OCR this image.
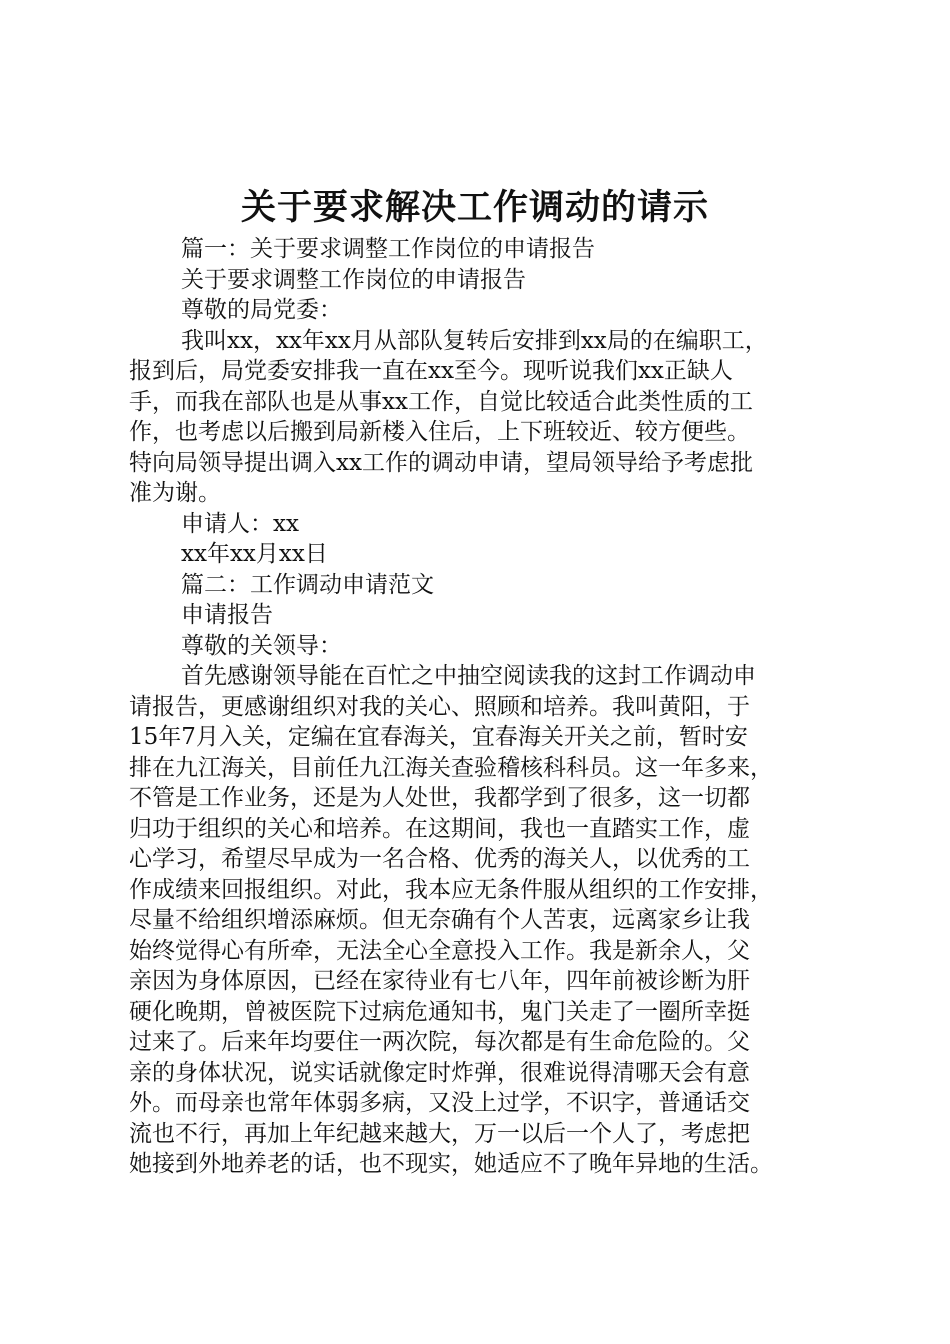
关于要求解决工作调动的请示
篇一：关于要求调整工作岗位的申请报告
关于要求调整工作岗位的申请报告
尊敬的局党委：
我叫xx，xx年xx月从部队复转后安排到xx局的在编职工，
报到后，局党委安排我一直在xx至今。现听说我们xx正缺人
手，而我在部队也是从事xx工作，自觉比较适合此类性质的工
作，也考虑以后搬到局新楼入住后，上下班较近、较方便些。
特向局领导提出调入xx工作的调动申请，望局领导给予考虑批
准为谢。
申请人：xx
xx年xx月xx日
篇二：工作调动申请范文
申请报告
尊敬的关领导：
首先感谢领导能在百忙之中抽空阅读我的这封工作调动申
请报告，更感谢组织对我的关心、照顾和培养。我叫黄阳，于
15年7月入关，定编在宜春海关，宜春海关开关之前，暂时安
排在九江海关，目前任九江海关查验稽核科科员。这一年多来，
不管是工作业务，还是为人处世，我都学到了很多，这一切都
归功于组织的关心和培养。在这期间，我也一直踏实工作，虚
心学习，希望尽早成为一名合格、优秀的海关人，以优秀的工
作成绩来回报组织。对此，我本应无条件服从组织的工作安排，
尽量不给组织增添麻烦。但无奈确有个人苦衷，远离家乡让我
始终觉得心有所牵，无法全心全意投入工作。我是新余人，父
亲因为身体原因，已经在家待业有七八年，四年前被诊断为肝
硬化晚期，曾被医院下过病危通知书，鬼门关走了一圈所幸挺
过来了。后来年均要住一两次院，每次都是有生命危险的。父
亲的身体状况，说实话就像定时炸弹，很难说得清哪天会有意
外。而母亲也常年体弱多病，又没上过学，不识字，普通话交
流也不行，再加上年纪越来越大，万一以后一个人了，考虑把
她接到外地养老的话，也不现实，她适应不了晚年异地的生活。
